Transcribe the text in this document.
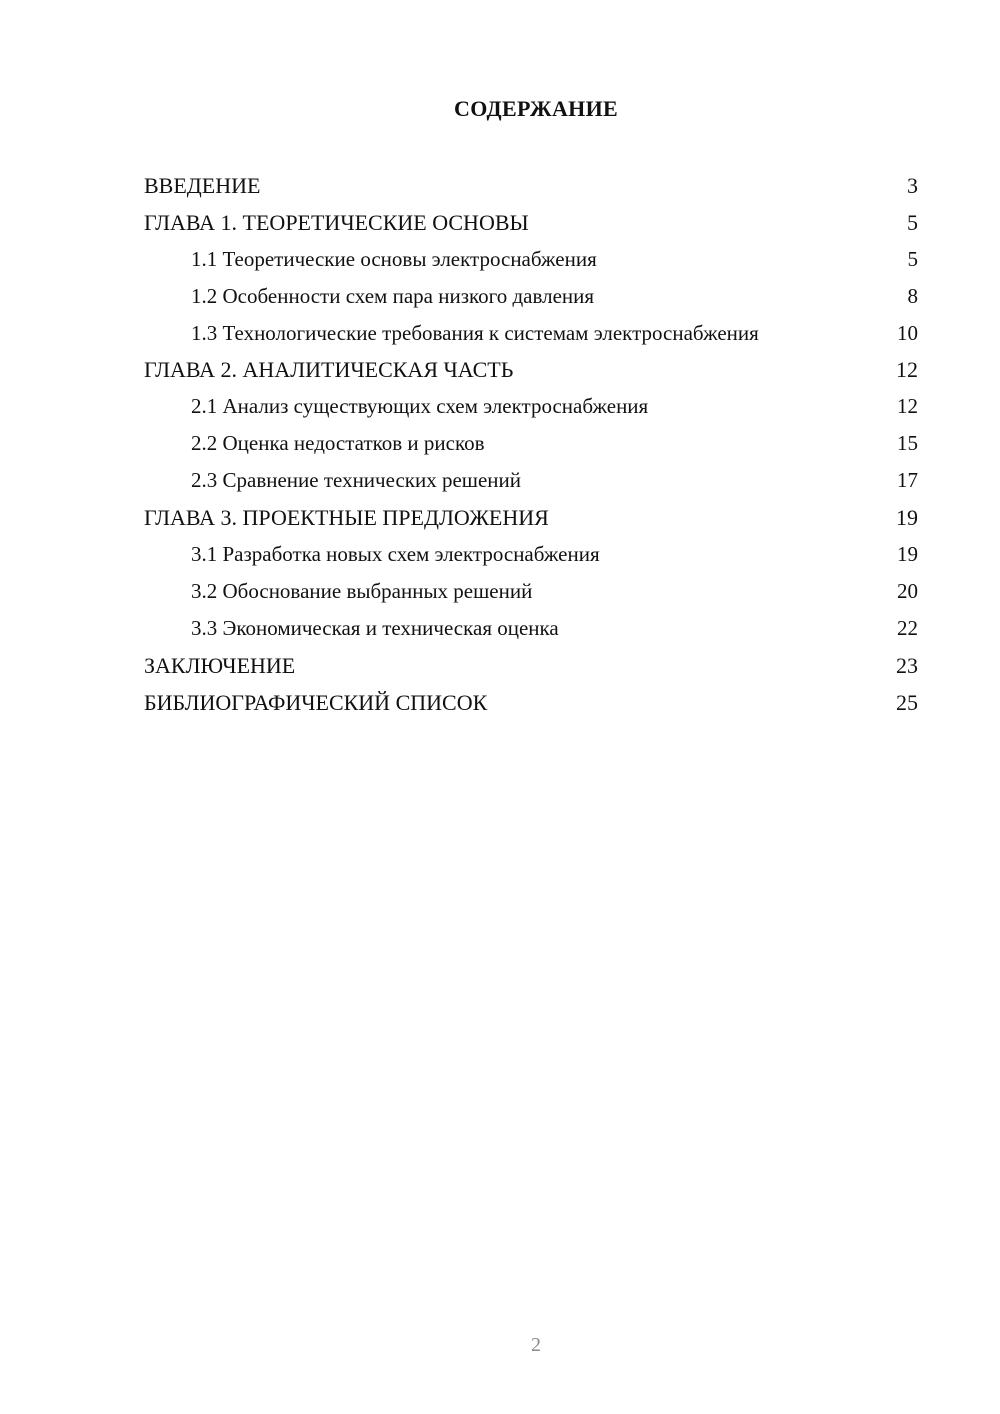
СОДЕРЖАНИЕ
ВВЕДЕНИЕ	3
ГЛАВА 1. ТЕОРЕТИЧЕСКИЕ ОСНОВЫ	5
1.1 Теоретические основы электроснабжения	5
1.2 Особенности схем пара низкого давления	8
1.3 Технологические требования к системам электроснабжения	10
ГЛАВА 2. АНАЛИТИЧЕСКАЯ ЧАСТЬ	12
2.1 Анализ существующих схем электроснабжения	12
2.2 Оценка недостатков и рисков	15
2.3 Сравнение технических решений	17
ГЛАВА 3. ПРОЕКТНЫЕ ПРЕДЛОЖЕНИЯ	19
3.1 Разработка новых схем электроснабжения	19
3.2 Обоснование выбранных решений	20
3.3 Экономическая и техническая оценка	22
ЗАКЛЮЧЕНИЕ	23
БИБЛИОГРАФИЧЕСКИЙ СПИСОК	25
2
